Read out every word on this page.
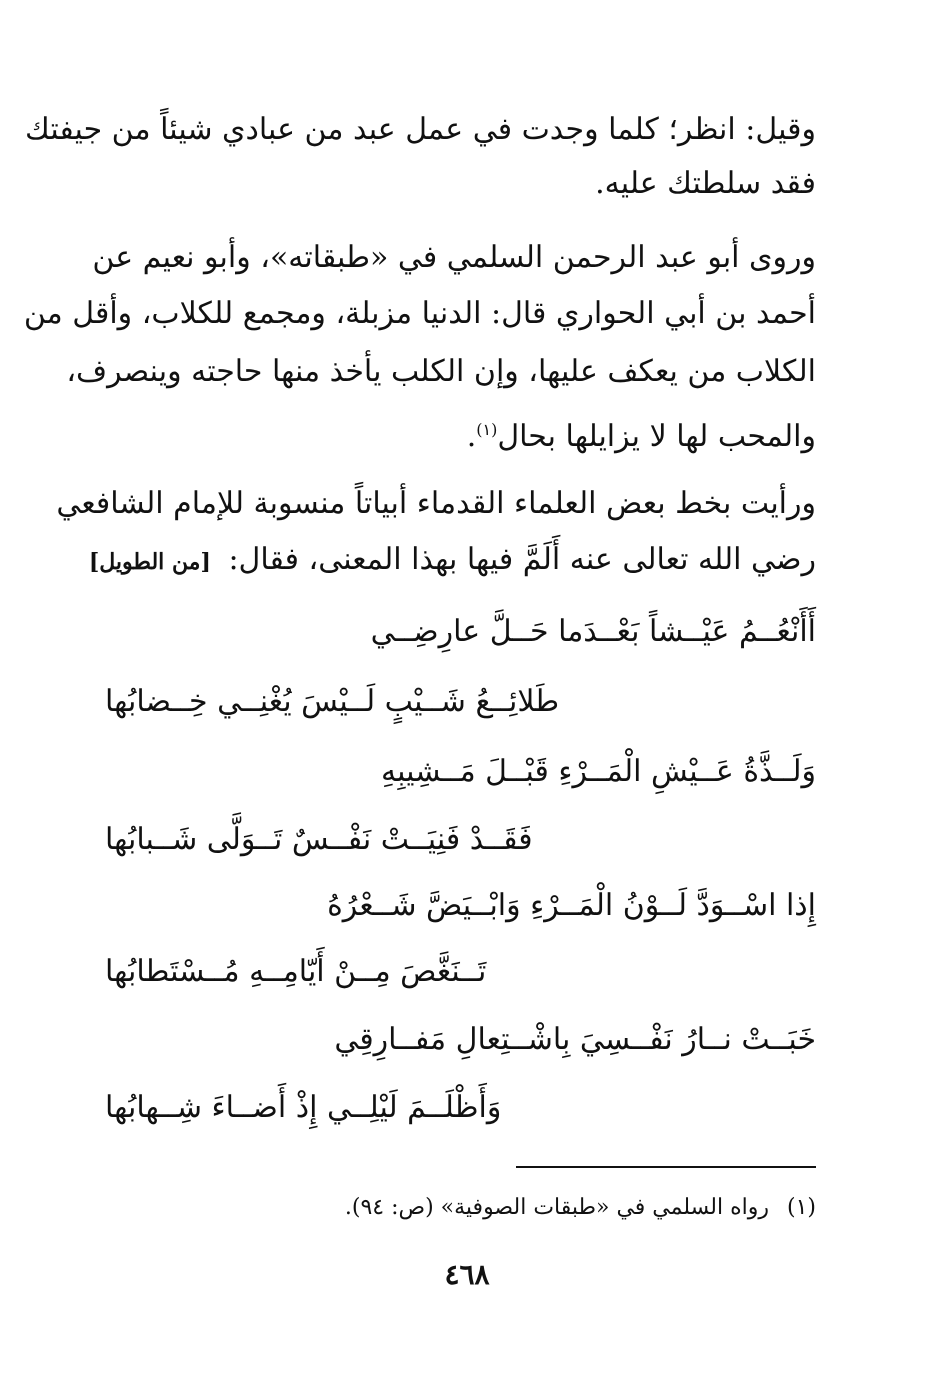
وقيل: انظر؛ كلما وجدت في عمل عبد من عبادي شيئاً من جيفتك
فقد سلطتك عليه.
وروى أبو عبد الرحمن السلمي في «طبقاته»، وأبو نعيم عن
أحمد بن أبي الحواري قال: الدنيا مزبلة، ومجمع للكلاب، وأقل من
الكلاب من يعكف عليها، وإن الكلب يأخذ منها حاجته وينصرف،
والمحب لها لا يزايلها بحال$^{(١)}$.
ورأيت بخط بعض العلماء القدماء أبياتاً منسوبة للإمام الشافعي
رضي الله تعالى عنه أَلَمَّ فيها بهذا المعنى، فقال: [من الطويل]
أَأَنْعُــمُ عَيْــشاً بَعْــدَما حَــلَّ عارِضِــي
طَلائِــعُ شَــيْبٍ لَــيْسَ يُغْنِــي خِــضابُها
وَلَــذَّةُ عَــيْشِ الْمَــرْءِ قَبْــلَ مَــشِيبِهِ
فَقَــدْ فَنِيَــتْ نَفْــسٌ تَــوَلَّى شَــبابُها
إِذا اسْــوَدَّ لَــوْنُ الْمَــرْءِ وَابْــيَضَّ شَــعْرُهُ
تَــنَغَّصَ مِــنْ أَيّامِــهِ مُــسْتَطابُها
خَبَــتْ نــارُ نَفْــسِيَ بِاشْــتِعالِ مَفــارِقِي
وَأَظْلَــمَ لَيْلِــي إِذْ أَضــاءَ شِــهابُها
(١)رواه السلمي في «طبقات الصوفية» (ص: ٩٤).
٤٦٨
